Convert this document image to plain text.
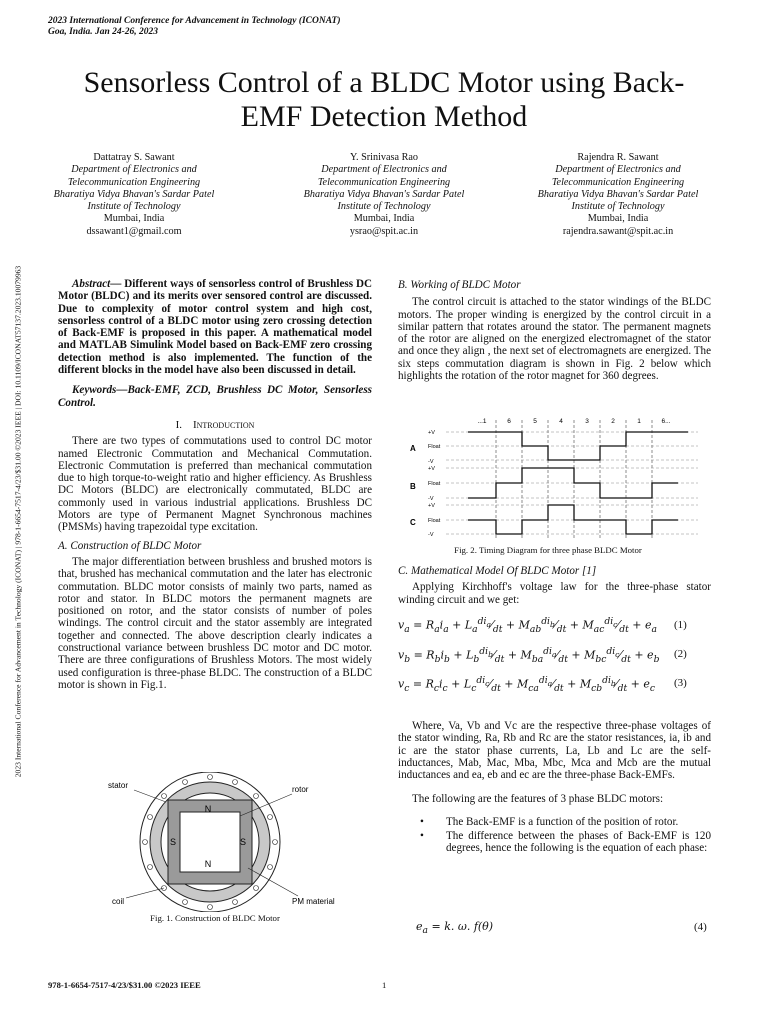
2023 International Conference for Advancement in Technology (ICONAT)
Goa, India. Jan 24-26, 2023
2023 International Conference for Advancement in Technology (ICONAT) | 978-1-6654-7517-4/23/$31.00 ©2023 IEEE | DOI: 10.1109/ICONAT57137.2023.10079963
Sensorless Control of a BLDC Motor using Back-
EMF Detection Method
Dattatray S. Sawant
Department of Electronics and
Telecommunication Engineering
Bharatiya Vidya Bhavan's Sardar Patel
Institute of Technology
Mumbai, India
dssawant1@gmail.com
Y. Srinivasa Rao
Department of Electronics and
Telecommunication Engineering
Bharatiya Vidya Bhavan's Sardar Patel
Institute of Technology
Mumbai, India
ysrao@spit.ac.in
Rajendra R. Sawant
Department of Electronics and
Telecommunication Engineering
Bharatiya Vidya Bhavan's Sardar Patel
Institute of Technology
Mumbai, India
rajendra.sawant@spit.ac.in

Abstract— Different ways of sensorless control of Brushless DC Motor (BLDC) and its merits over sensored control are discussed. Due to complexity of motor control system and high cost, sensorless control of a BLDC motor using zero crossing detection of Back-EMF is proposed in this paper. A mathematical model and MATLAB Simulink Model based on Back-EMF zero crossing detection method is also implemented. The function of the different blocks in the model have also been discussed in detail.

Keywords—Back-EMF, ZCD, Brushless DC Motor, Sensorless Control.

I. Introduction

There are two types of commutations used to control DC motor named Electronic Commutation and Mechanical Commutation. Electronic Commutation is preferred than mechanical commutation due to high torque-to-weight ratio and higher efficiency. As Brushless DC Motors (BLDC) are electronically commutated, BLDC are commonly used in various industrial applications. Brushless DC Motors are type of Permanent Magnet Synchronous machines (PMSMs) having trapezoidal type excitation.

A. Construction of BLDC Motor

The major differentiation between brushless and brushed motors is that, brushed has mechanical commutation and the later has electronic commutation. BLDC motor consists of mainly two parts, named as rotor and stator. In BLDC motors the permanent magnets are positioned on rotor, and the stator consists of number of poles windings. The control circuit and the stator assembly are integrated together and connected. The above description clearly indicates a constructional variance between brushless DC motor and DC motor. There are three configurations of Brushless Motors. The most widely used configuration is three-phase BLDC. The construction of a BLDC motor is shown in Fig.1.

N
N
S	S
stator	rotor
coil	PM material
Fig. 1. Construction of BLDC Motor

B. Working of BLDC Motor

The control circuit is attached to the stator windings of the BLDC motors. The proper winding is energized by the control circuit in a similar pattern that rotates around the stator. The permanent magnets of the rotor are aligned on the energized electromagnet of the stator and once they align , the next set of electromagnets are energized. The six steps commutation diagram is shown in Fig. 2 below which highlights the rotation of the rotor magnet for 360 degrees.

...1	6	5	4	3	2	1	6...
A
+V
Float
-V
B
+V
Float
-V
C
+V
Float
-V
Fig. 2. Timing Diagram for three phase BLDC Motor

C. Mathematical Model Of BLDC Motor [1]

Applying Kirchhoff's voltage law for the three-phase stator winding circuit and we get:

$v_a = R_ai_a$ + $L_a^{di_a}⁄_{dt}$ + $M_{ab}^{di_b}⁄_{dt}$ + $M_{ac}^{di_c}⁄_{dt} + e_a$ (1)
$v_b = R_bi_b$ + $L_b^{di_b}⁄_{dt}$ + $M_{ba}^{di_a}⁄_{dt}$ + $M_{bc}^{di_c}⁄_{dt} + e_b$ (2)
$v_c = R_ci_c$ + $L_c^{di_c}⁄_{dt}$ + $M_{ca}^{di_a}⁄_{dt}$ + $M_{cb}^{di_b}⁄_{dt} + e_c$ (3)

Where, Va, Vb and Vc are the respective three-phase voltages of the stator winding, Ra, Rb and Rc are the stator resistances, ia, ib and ic are the stator phase currents, La, Lb and Lc are the self-inductances, Mab, Mac, Mba, Mbc, Mca and Mcb are the mutual inductances and ea, eb and ec are the three-phase Back-EMFs.

The following are the features of 3 phase BLDC motors:

• The Back-EMF is a function of the position of rotor.
• The difference between the phases of Back-EMF is 120 degrees, hence the following is the equation of each phase:
$e_a = k$. ω. f(θ)	(4)
978-1-6654-7517-4/23/$31.00 ©2023 IEEE	1
